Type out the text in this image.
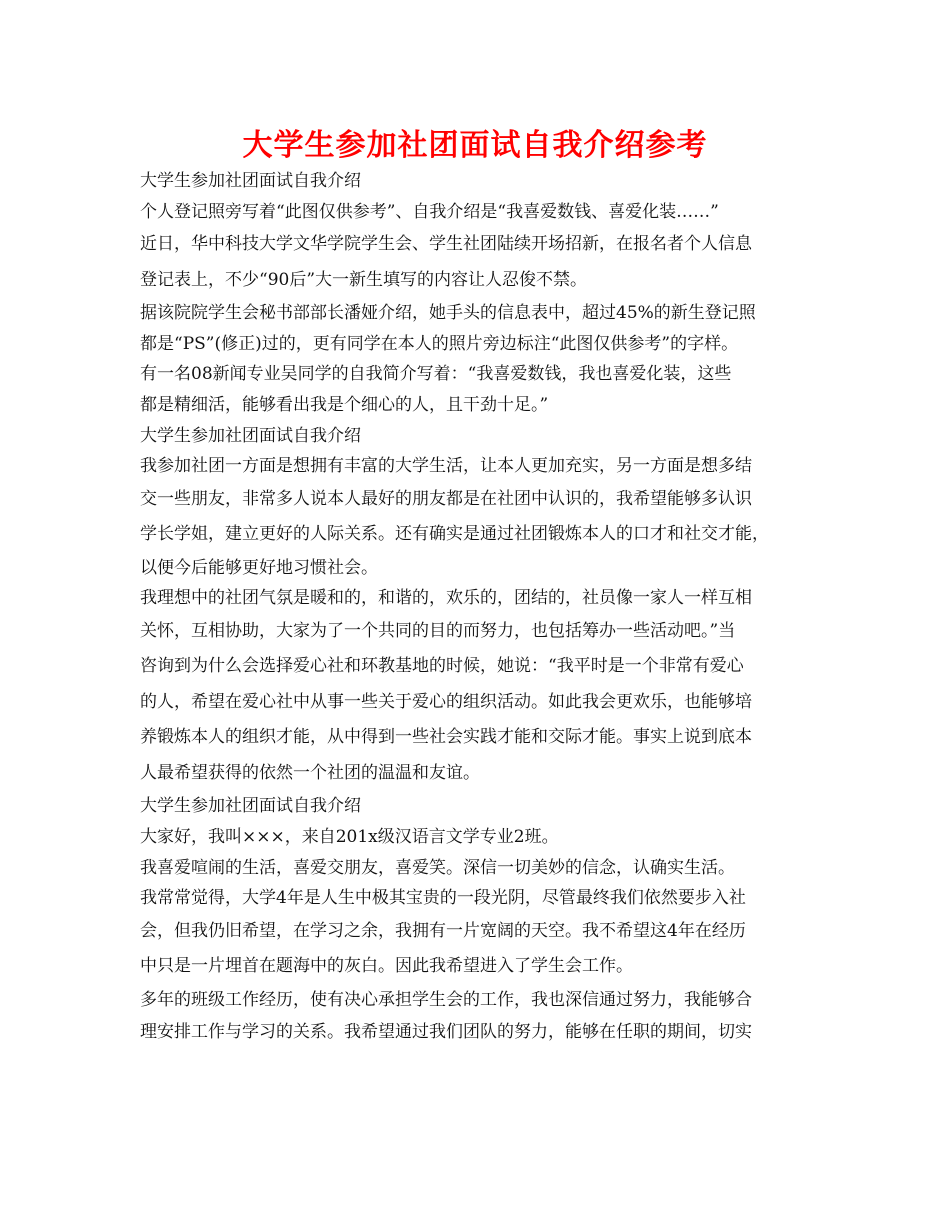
大学生参加社团面试自我介绍参考
大学生参加社团面试自我介绍
个人登记照旁写着“此图仅供参考”、自我介绍是“我喜爱数钱、喜爱化装……”
近日，华中科技大学文华学院学生会、学生社团陆续开场招新，在报名者个人信息
登记表上，不少“90后”大一新生填写的内容让人忍俊不禁。
据该院院学生会秘书部部长潘娅介绍，她手头的信息表中，超过45%的新生登记照
都是“PS”(修正)过的，更有同学在本人的照片旁边标注“此图仅供参考”的字样。
有一名08新闻专业吴同学的自我简介写着：“我喜爱数钱，我也喜爱化装，这些
都是精细活，能够看出我是个细心的人，且干劲十足。”
大学生参加社团面试自我介绍
我参加社团一方面是想拥有丰富的大学生活，让本人更加充实，另一方面是想多结
交一些朋友，非常多人说本人最好的朋友都是在社团中认识的，我希望能够多认识
学长学姐，建立更好的人际关系。还有确实是通过社团锻炼本人的口才和社交才能，
以便今后能够更好地习惯社会。
我理想中的社团气氛是暖和的，和谐的，欢乐的，团结的，社员像一家人一样互相
关怀，互相协助，大家为了一个共同的目的而努力，也包括筹办一些活动吧。”当
咨询到为什么会选择爱心社和环教基地的时候，她说：“我平时是一个非常有爱心
的人，希望在爱心社中从事一些关于爱心的组织活动。如此我会更欢乐，也能够培
养锻炼本人的组织才能，从中得到一些社会实践才能和交际才能。事实上说到底本
人最希望获得的依然一个社团的温温和友谊。
大学生参加社团面试自我介绍
大家好，我叫×××，来自201x级汉语言文学专业2班。
我喜爱喧闹的生活，喜爱交朋友，喜爱笑。深信一切美妙的信念，认确实生活。
我常常觉得，大学4年是人生中极其宝贵的一段光阴，尽管最终我们依然要步入社
会，但我仍旧希望，在学习之余，我拥有一片宽阔的天空。我不希望这4年在经历
中只是一片埋首在题海中的灰白。因此我希望进入了学生会工作。
多年的班级工作经历，使有决心承担学生会的工作，我也深信通过努力，我能够合
理安排工作与学习的关系。我希望通过我们团队的努力，能够在任职的期间，切实
